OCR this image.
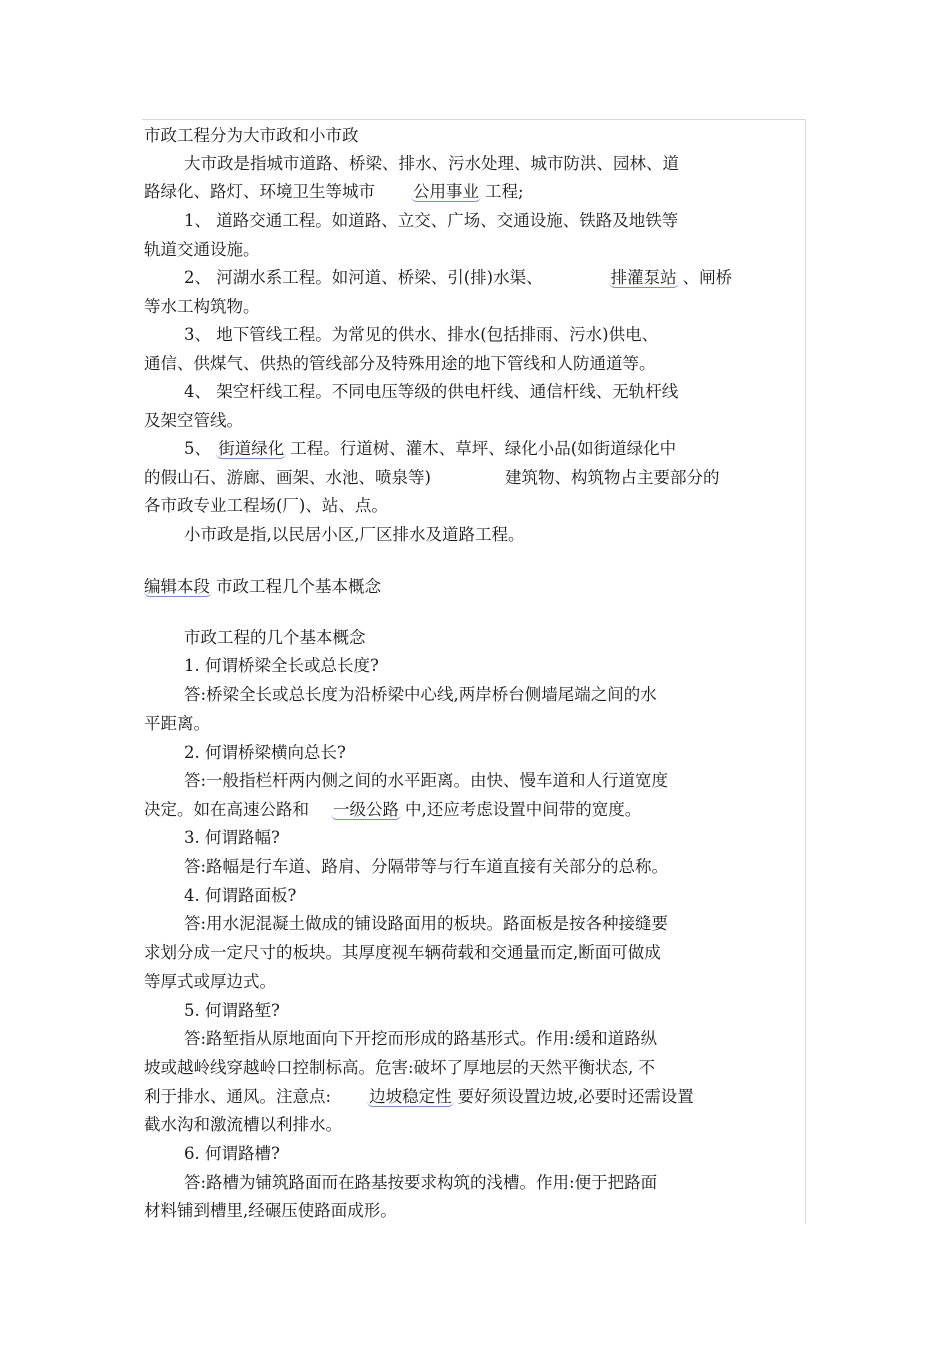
市政工程分为大市政和小市政
大市政是指城市道路、桥梁、排水、污水处理、城市防洪、园林、道
路绿化、路灯、环境卫生等城市 公用事业 工程;
1、 道路交通工程。如道路、立交、广场、交通设施、铁路及地铁等
轨道交通设施。
2、 河湖水系工程。如河道、桥梁、引(排)水渠、	排灌泵站 、闸桥
等水工构筑物。
3、 地下管线工程。为常见的供水、排水(包括排雨、污水)供电、
通信、供煤气、供热的管线部分及特殊用途的地下管线和人防通道等。
4、 架空杆线工程。不同电压等级的供电杆线、通信杆线、无轨杆线
及架空管线。
5、 街道绿化 工程。行道树、灌木、草坪、绿化小品(如街道绿化中
的假山石、游廊、画架、水池、喷泉等)	建筑物、构筑物占主要部分的
各市政专业工程场(厂)、站、点。
小市政是指,以民居小区,厂区排水及道路工程。
编辑本段 市政工程几个基本概念
市政工程的几个基本概念
1. 何谓桥梁全长或总长度?
答:桥梁全长或总长度为沿桥梁中心线,两岸桥台侧墙尾端之间的水
平距离。
2. 何谓桥梁横向总长?
答:一般指栏杆两内侧之间的水平距离。由快、慢车道和人行道宽度
决定。如在高速公路和 一级公路 中,还应考虑设置中间带的宽度。
3. 何谓路幅?
答:路幅是行车道、路肩、分隔带等与行车道直接有关部分的总称。
4. 何谓路面板?
答:用水泥混凝土做成的铺设路面用的板块。路面板是按各种接缝要
求划分成一定尺寸的板块。其厚度视车辆荷载和交通量而定,断面可做成
等厚式或厚边式。
5. 何谓路堑?
答:路堑指从原地面向下开挖而形成的路基形式。作用:缓和道路纵
坡或越岭线穿越岭口控制标高。危害:破坏了厚地层的天然平衡状态, 不
利于排水、通风。注意点: 边坡稳定性 要好须设置边坡,必要时还需设置
截水沟和激流槽以利排水。
6. 何谓路槽?
答:路槽为铺筑路面而在路基按要求构筑的浅槽。作用:便于把路面
材料铺到槽里,经碾压使路面成形。
